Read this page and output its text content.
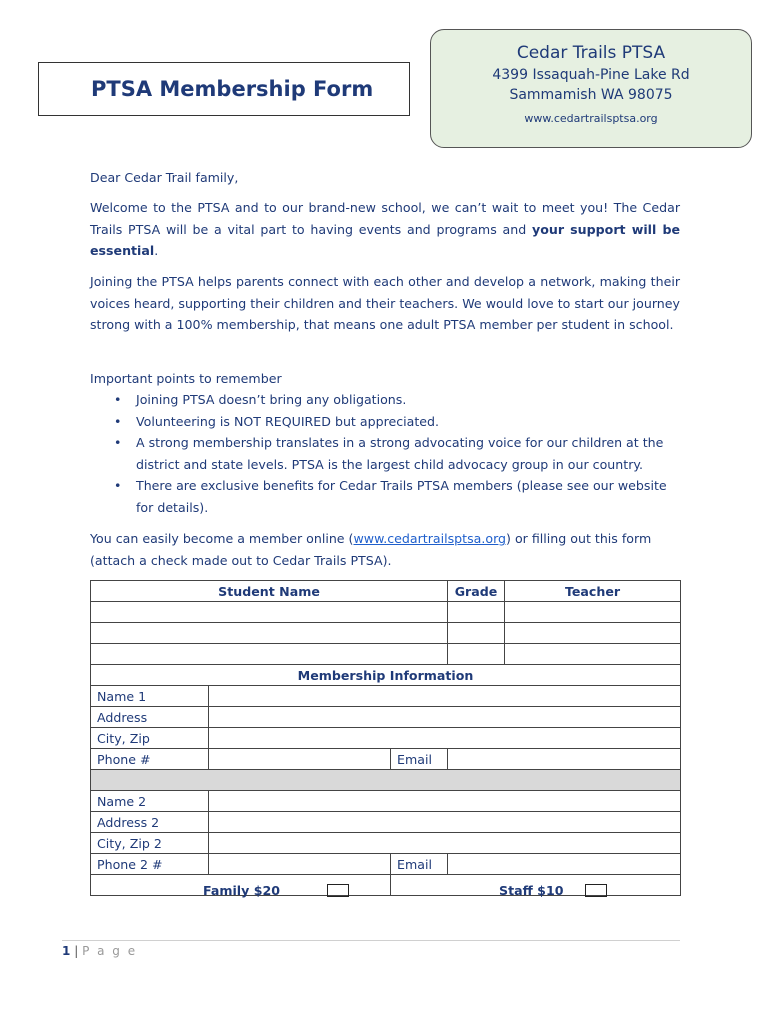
PTSA Membership Form
Cedar Trails PTSA
4399 Issaquah-Pine Lake Rd
Sammamish WA 98075
www.cedartrailsptsa.org

Dear Cedar Trail family,

Welcome to the PTSA and to our brand-new school, we can’t wait to meet you! The Cedar Trails PTSA will be a vital part to having events and programs and your support will be essential.

Joining the PTSA helps parents connect with each other and develop a network, making their voices heard, supporting their children and their teachers. We would love to start our journey strong with a 100% membership, that means one adult PTSA member per student in school.

Important points to remember

• Joining PTSA doesn’t bring any obligations.
• Volunteering is NOT REQUIRED but appreciated.
• A strong membership translates in a strong advocating voice for our children at the district and state levels. PTSA is the largest child advocacy group in our country.
• There are exclusive benefits for Cedar Trails PTSA members (please see our website for details).

You can easily become a member online (www.cedartrailsptsa.org) or filling out this form (attach a check made out to Cedar Trails PTSA).

Student Name			Grade	Teacher

Membership Information				
Name 1				
Address				
City, Zip				
Phone #		Email		

Name 2				
Address 2				
City, Zip 2				
Phone 2 #		Email		

Family $20		Staff $10		
1 | P a g e
